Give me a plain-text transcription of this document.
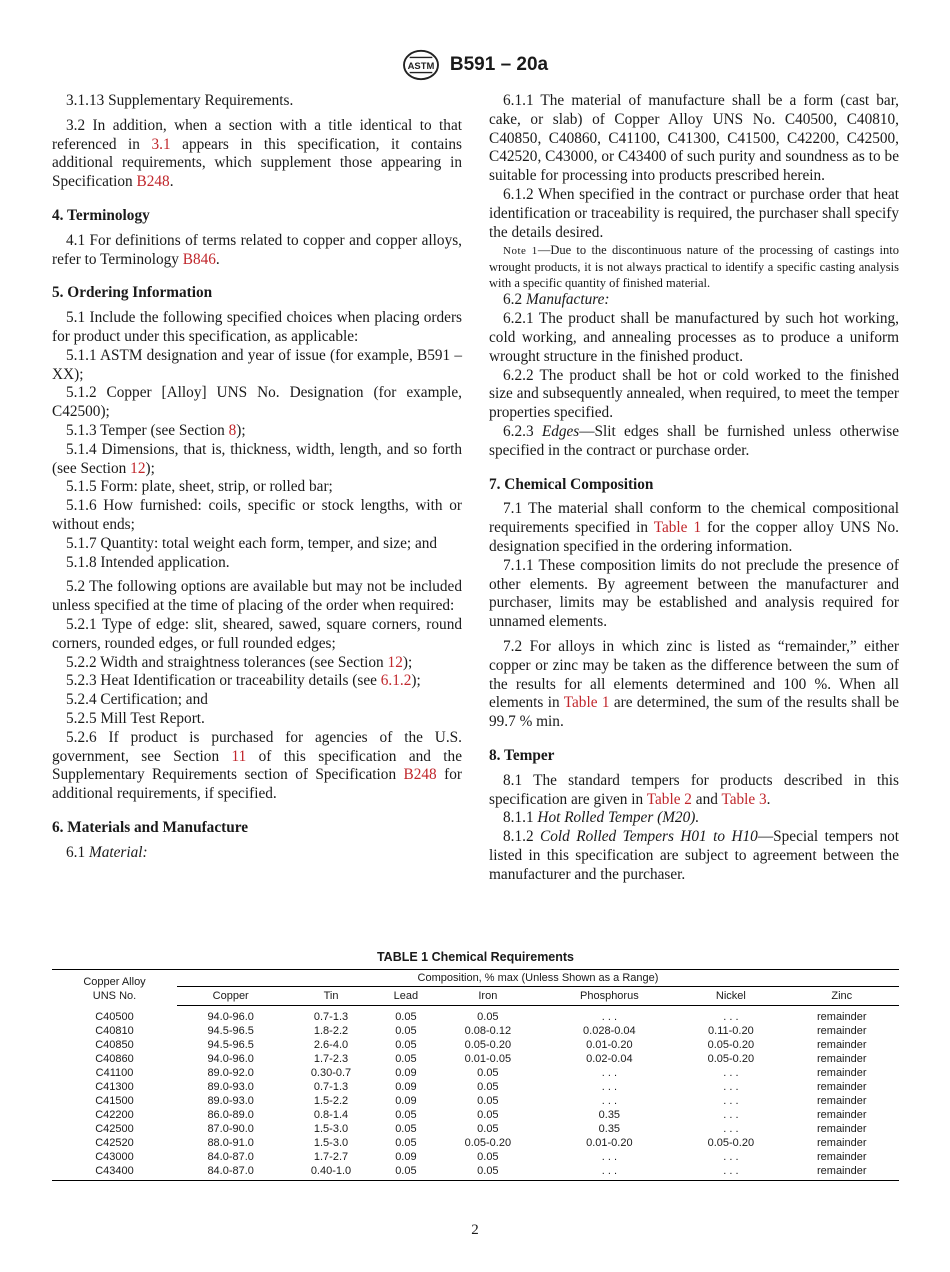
ASTM B591 – 20a

3.1.13 Supplementary Requirements.

3.2 In addition, when a section with a title identical to that referenced in 3.1 appears in this specification, it contains additional requirements, which supplement those appearing in Specification B248.

4. Terminology

4.1 For definitions of terms related to copper and copper alloys, refer to Terminology B846.

5. Ordering Information

5.1 Include the following specified choices when placing orders for product under this specification, as applicable:

5.1.1 ASTM designation and year of issue (for example, B591 – XX);

5.1.2 Copper [Alloy] UNS No. Designation (for example, C42500);

5.1.3 Temper (see Section 8);

5.1.4 Dimensions, that is, thickness, width, length, and so forth (see Section 12);

5.1.5 Form: plate, sheet, strip, or rolled bar;

5.1.6 How furnished: coils, specific or stock lengths, with or without ends;

5.1.7 Quantity: total weight each form, temper, and size; and

5.1.8 Intended application.

5.2 The following options are available but may not be included unless specified at the time of placing of the order when required:

5.2.1 Type of edge: slit, sheared, sawed, square corners, round corners, rounded edges, or full rounded edges;

5.2.2 Width and straightness tolerances (see Section 12);

5.2.3 Heat Identification or traceability details (see 6.1.2);

5.2.4 Certification; and

5.2.5 Mill Test Report.

5.2.6 If product is purchased for agencies of the U.S. government, see Section 11 of this specification and the Supplementary Requirements section of Specification B248 for additional requirements, if specified.

6. Materials and Manufacture

6.1 Material:

6.1.1 The material of manufacture shall be a form (cast bar, cake, or slab) of Copper Alloy UNS No. C40500, C40810, C40850, C40860, C41100, C41300, C41500, C42200, C42500, C42520, C43000, or C43400 of such purity and soundness as to be suitable for processing into products prescribed herein.

6.1.2 When specified in the contract or purchase order that heat identification or traceability is required, the purchaser shall specify the details desired.

Note 1—Due to the discontinuous nature of the processing of castings into wrought products, it is not always practical to identify a specific casting analysis with a specific quantity of finished material.

6.2 Manufacture:

6.2.1 The product shall be manufactured by such hot working, cold working, and annealing processes as to produce a uniform wrought structure in the finished product.

6.2.2 The product shall be hot or cold worked to the finished size and subsequently annealed, when required, to meet the temper properties specified.

6.2.3 Edges—Slit edges shall be furnished unless otherwise specified in the contract or purchase order.

7. Chemical Composition

7.1 The material shall conform to the chemical compositional requirements specified in Table 1 for the copper alloy UNS No. designation specified in the ordering information.

7.1.1 These composition limits do not preclude the presence of other elements. By agreement between the manufacturer and purchaser, limits may be established and analysis required for unnamed elements.

7.2 For alloys in which zinc is listed as “remainder,” either copper or zinc may be taken as the difference between the sum of the results for all elements determined and 100 %. When all elements in Table 1 are determined, the sum of the results shall be 99.7 % min.

8. Temper

8.1 The standard tempers for products described in this specification are given in Table 2 and Table 3.

8.1.1 Hot Rolled Temper (M20).

8.1.2 Cold Rolled Tempers H01 to H10—Special tempers not listed in this specification are subject to agreement between the manufacturer and the purchaser.

TABLE 1 Chemical Requirements
Copper Alloy
UNS No.	Composition, % max (Unless Shown as a Range)						
	Copper	Tin	Lead	Iron	Phosphorus	Nickel	Zinc
C40500	94.0-96.0	0.7-1.3	0.05	0.05	. . .	. . .	remainder
C40810	94.5-96.5	1.8-2.2	0.05	0.08-0.12	0.028-0.04	0.11-0.20	remainder
C40850	94.5-96.5	2.6-4.0	0.05	0.05-0.20	0.01-0.20	0.05-0.20	remainder
C40860	94.0-96.0	1.7-2.3	0.05	0.01-0.05	0.02-0.04	0.05-0.20	remainder
C41100	89.0-92.0	0.30-0.7	0.09	0.05	. . .	. . .	remainder
C41300	89.0-93.0	0.7-1.3	0.09	0.05	. . .	. . .	remainder
C41500	89.0-93.0	1.5-2.2	0.09	0.05	. . .	. . .	remainder
C42200	86.0-89.0	0.8-1.4	0.05	0.05	0.35	. . .	remainder
C42500	87.0-90.0	1.5-3.0	0.05	0.05	0.35	. . .	remainder
C42520	88.0-91.0	1.5-3.0	0.05	0.05-0.20	0.01-0.20	0.05-0.20	remainder
C43000	84.0-87.0	1.7-2.7	0.09	0.05	. . .	. . .	remainder
C43400	84.0-87.0	0.40-1.0	0.05	0.05	. . .	. . .	remainder
2
